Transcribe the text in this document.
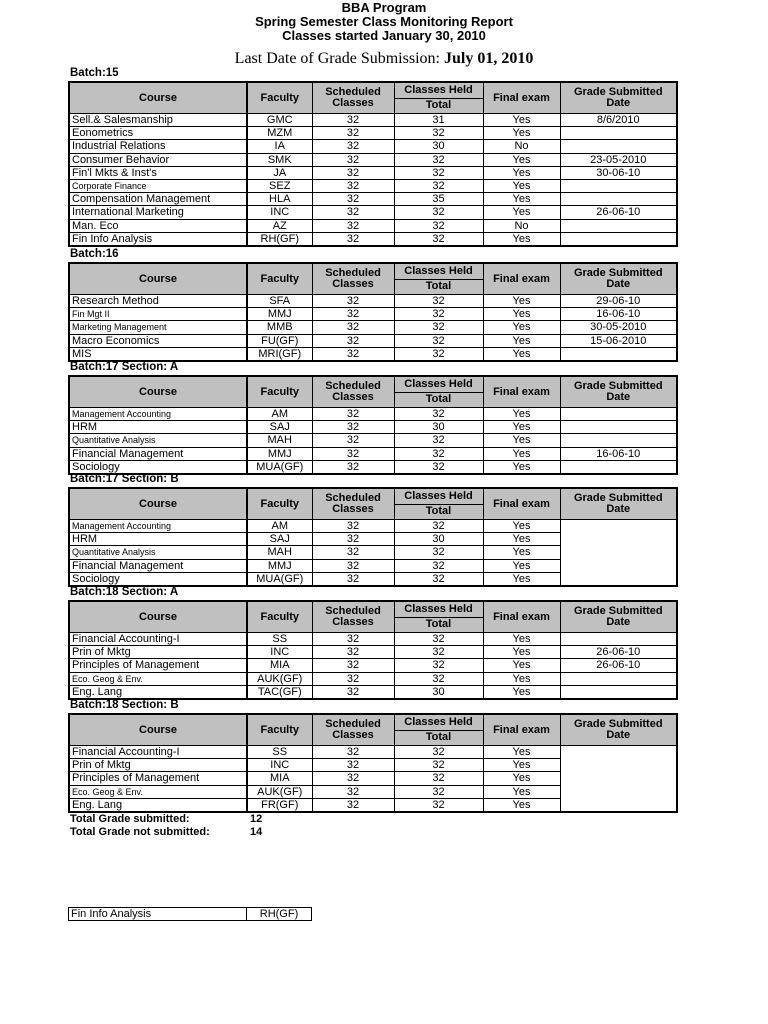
BBA Program
Spring Semester Class Monitoring Report
Classes started January 30, 2010
Last Date of Grade Submission: July 01, 2010
Batch:15
Course	Faculty	Scheduled Classes	Classes Held	Final exam	Grade Submitted Date
			Total		
Sell.& Salesmanship	GMC	32	31	Yes	8/6/2010
Eonometrics	MZM	32	32	Yes	
Industrial Relations	IA	32	30	No	
Consumer Behavior	SMK	32	32	Yes	23-05-2010
Fin'l Mkts & Inst's	JA	32	32	Yes	30-06-10
Corporate Finance	SEZ	32	32	Yes	
Compensation Management	HLA	32	35	Yes	
International Marketing	INC	32	32	Yes	26-06-10
Man. Eco	AZ	32	32	No	
Fin Info Analysis	RH(GF)	32	32	Yes	
Batch:16
Course	Faculty	Scheduled Classes	Classes Held	Final exam	Grade Submitted Date
			Total		
Research Method	SFA	32	32	Yes	29-06-10
Fin Mgt II	MMJ	32	32	Yes	16-06-10
Marketing Management	MMB	32	32	Yes	30-05-2010
Macro Economics	FU(GF)	32	32	Yes	15-06-2010
MIS	MRI(GF)	32	32	Yes	
Batch:17 Section: A
Course	Faculty	Scheduled Classes	Classes Held	Final exam	Grade Submitted Date
			Total		
Management Accounting	AM	32	32	Yes	
HRM	SAJ	32	30	Yes	
Quantitative Analysis	MAH	32	32	Yes	
Financial Management	MMJ	32	32	Yes	16-06-10
Sociology	MUA(GF)	32	32	Yes	
Batch:17 Section: B
Course	Faculty	Scheduled Classes	Classes Held	Final exam	Grade Submitted Date
			Total		
Management Accounting	AM	32	32	Yes	
HRM	SAJ	32	30	Yes	
Quantitative Analysis	MAH	32	32	Yes	
Financial Management	MMJ	32	32	Yes	
Sociology	MUA(GF)	32	32	Yes	
Batch:18 Section: A
Course	Faculty	Scheduled Classes	Classes Held	Final exam	Grade Submitted Date
			Total		
Financial Accounting-I	SS	32	32	Yes	
Prin of Mktg	INC	32	32	Yes	26-06-10
Principles of Management	MIA	32	32	Yes	26-06-10
Eco. Geog & Env.	AUK(GF)	32	32	Yes	
Eng. Lang	TAC(GF)	32	30	Yes	
Batch:18 Section: B
Course	Faculty	Scheduled Classes	Classes Held	Final exam	Grade Submitted Date
			Total		
Financial Accounting-I	SS	32	32	Yes	
Prin of Mktg	INC	32	32	Yes	
Principles of Management	MIA	32	32	Yes	
Eco. Geog & Env.	AUK(GF)	32	32	Yes	
Eng. Lang	FR(GF)	32	32	Yes	
Total Grade submitted:	12
Total Grade not submitted:	14
Fin Info Analysis	RH(GF)
